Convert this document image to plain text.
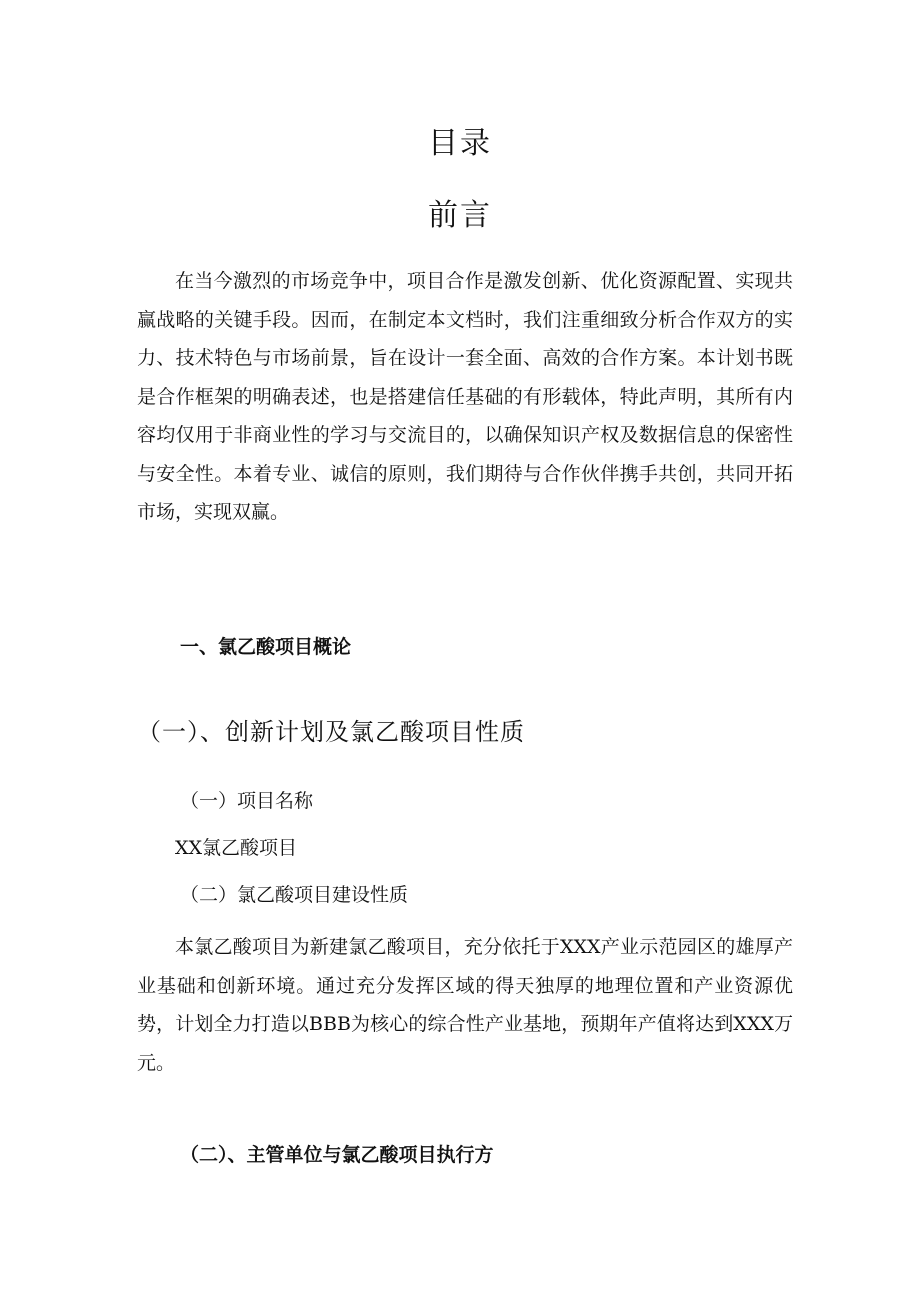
目录
前言

在当今激烈的市场竞争中，项目合作是激发创新、优化资源配置、实现共赢战略的关键手段。因而，在制定本文档时，我们注重细致分析合作双方的实力、技术特色与市场前景，旨在设计一套全面、高效的合作方案。本计划书既是合作框架的明确表述，也是搭建信任基础的有形载体，特此声明，其所有内容均仅用于非商业性的学习与交流目的，以确保知识产权及数据信息的保密性与安全性。本着专业、诚信的原则，我们期待与合作伙伴携手共创，共同开拓市场，实现双赢。

一、氯乙酸项目概论
（一）、创新计划及氯乙酸项目性质

（一）项目名称

XX氯乙酸项目

（二）氯乙酸项目建设性质

本氯乙酸项目为新建氯乙酸项目，充分依托于XXX产业示范园区的雄厚产业基础和创新环境。通过充分发挥区域的得天独厚的地理位置和产业资源优势，计划全力打造以BBB为核心的综合性产业基地，预期年产值将达到XXX万元。

（二）、主管单位与氯乙酸项目执行方
